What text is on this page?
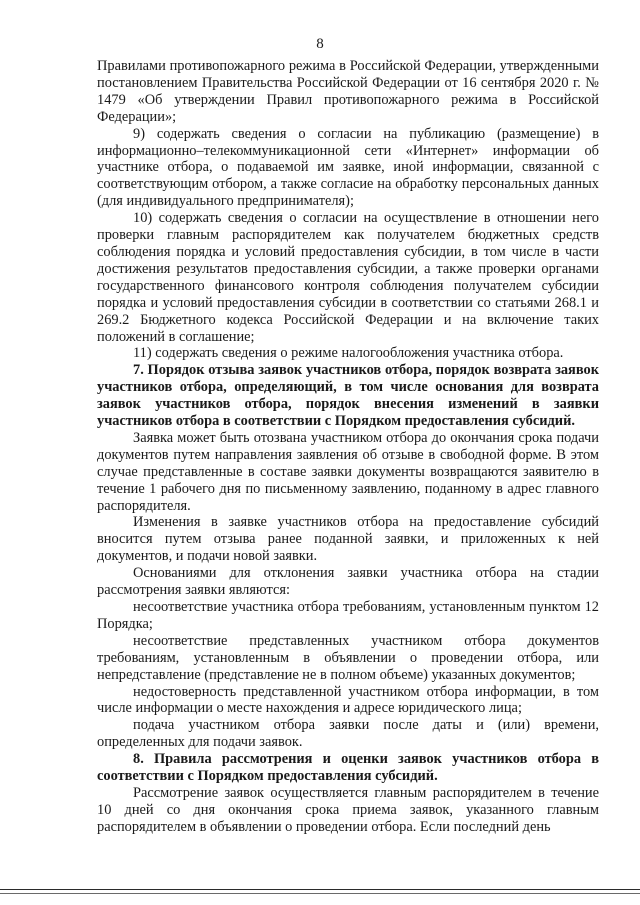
8

Правилами противопожарного режима в Российской Федерации, утвержденными постановлением Правительства Российской Федерации от 16 сентября 2020 г. № 1479 «Об утверждении Правил противопожарного режима в Российской Федерации»;

9) содержать сведения о согласии на публикацию (размещение) в информационно–телекоммуникационной сети «Интернет» информации об участнике отбора, о подаваемой им заявке, иной информации, связанной с соответствующим отбором, а также согласие на обработку персональных данных (для индивидуального предпринимателя);

10) содержать сведения о согласии на осуществление в отношении него проверки главным распорядителем как получателем бюджетных средств соблюдения порядка и условий предоставления субсидии, в том числе в части достижения результатов предоставления субсидии, а также проверки органами государственного финансового контроля соблюдения получателем субсидии порядка и условий предоставления субсидии в соответствии со статьями 268.1 и 269.2 Бюджетного кодекса Российской Федерации и на включение таких положений в соглашение;

11) содержать сведения о режиме налогообложения участника отбора.

7. Порядок отзыва заявок участников отбора, порядок возврата заявок участников отбора, определяющий, в том числе основания для возврата заявок участников отбора, порядок внесения изменений в заявки участников отбора в соответствии с Порядком предоставления субсидий.

Заявка может быть отозвана участником отбора до окончания срока подачи документов путем направления заявления об отзыве в свободной форме. В этом случае представленные в составе заявки документы возвращаются заявителю в течение 1 рабочего дня по письменному заявлению, поданному в адрес главного распорядителя.

Изменения в заявке участников отбора на предоставление субсидий вносится путем отзыва ранее поданной заявки, и приложенных к ней документов, и подачи новой заявки.

Основаниями для отклонения заявки участника отбора на стадии рассмотрения заявки являются:

несоответствие участника отбора требованиям, установленным пунктом 12 Порядка;

несоответствие представленных участником отбора документов требованиям, установленным в объявлении о проведении отбора, или непредставление (представление не в полном объеме) указанных документов;

недостоверность представленной участником отбора информации, в том числе информации о месте нахождения и адресе юридического лица;

подача участником отбора заявки после даты и (или) времени, определенных для подачи заявок.

8. Правила рассмотрения и оценки заявок участников отбора в соответствии с Порядком предоставления субсидий.

Рассмотрение заявок осуществляется главным распорядителем в течение 10 дней со дня окончания срока приема заявок, указанного главным распорядителем в объявлении о проведении отбора. Если последний день
